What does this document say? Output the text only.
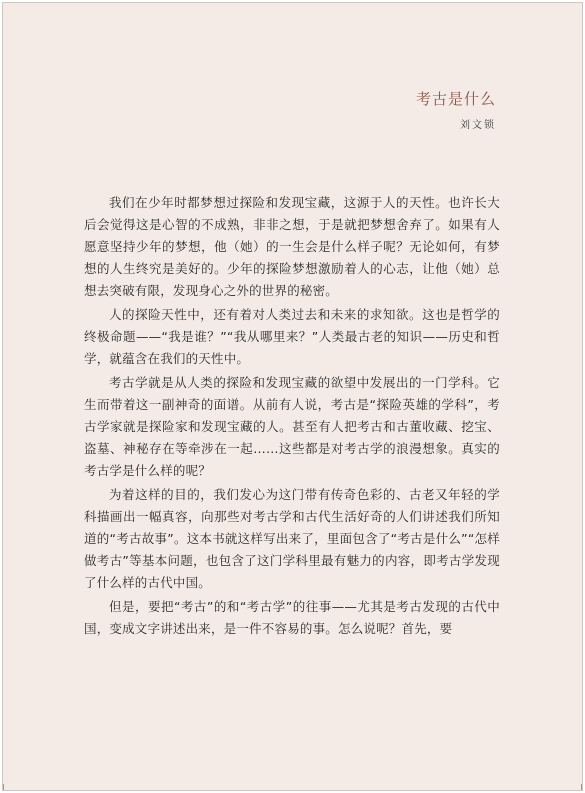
考古是什么
刘文锁

我们在少年时都梦想过探险和发现宝藏，这源于人的天性。也许长大后会觉得这是心智的不成熟，非非之想，于是就把梦想舍弃了。如果有人愿意坚持少年的梦想，他（她）的一生会是什么样子呢？无论如何，有梦想的人生终究是美好的。少年的探险梦想激励着人的心志，让他（她）总想去突破有限，发现身心之外的世界的秘密。

人的探险天性中，还有着对人类过去和未来的求知欲。这也是哲学的终极命题——“我是谁？”“我从哪里来？”人类最古老的知识——历史和哲学，就蕴含在我们的天性中。

考古学就是从人类的探险和发现宝藏的欲望中发展出的一门学科。它生而带着这一副神奇的面谱。从前有人说，考古是“探险英雄的学科”，考古学家就是探险家和发现宝藏的人。甚至有人把考古和古董收藏、挖宝、盗墓、神秘存在等牵涉在一起……这些都是对考古学的浪漫想象。真实的考古学是什么样的呢？

为着这样的目的，我们发心为这门带有传奇色彩的、古老又年轻的学科描画出一幅真容，向那些对考古学和古代生活好奇的人们讲述我们所知道的“考古故事”。这本书就这样写出来了，里面包含了“考古是什么”“怎样做考古”等基本问题，也包含了这门学科里最有魅力的内容，即考古学发现了什么样的古代中国。

但是，要把“考古”的和“考古学”的往事——尤其是考古发现的古代中国，变成文字讲述出来，是一件不容易的事。怎么说呢？首先，要
